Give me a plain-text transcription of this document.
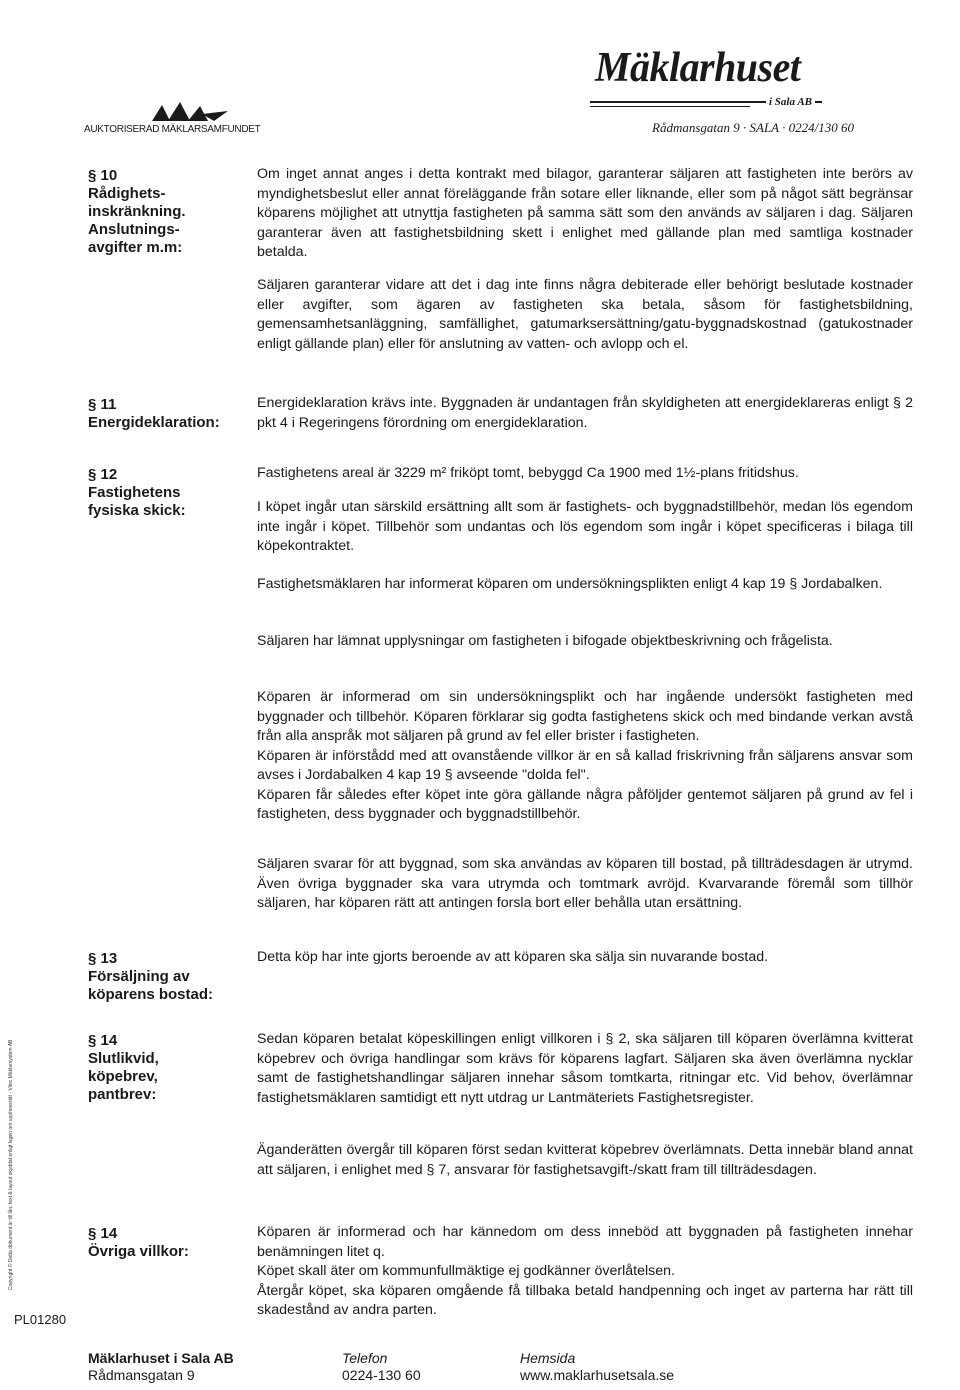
AUKTORISERAD MÄKLARSAMFUNDET
Mäklarhuset
i Sala AB
Rådmansgatan 9 · SALA · 0224/130 60
§ 10
Rådighets-
inskränkning.
Anslutnings-
avgifter m.m:

Om inget annat anges i detta kontrakt med bilagor, garanterar säljaren att fastigheten inte berörs av myndighetsbeslut eller annat föreläggande från sotare eller liknande, eller som på något sätt begränsar köparens möjlighet att utnyttja fastigheten på samma sätt som den används av säljaren i dag. Säljaren garanterar även att fastighetsbildning skett i enlighet med gällande plan med samtliga kostnader betalda.

Säljaren garanterar vidare att det i dag inte finns några debiterade eller behörigt beslutade kostnader eller avgifter, som ägaren av fastigheten ska betala, såsom för fastighetsbildning, gemensamhetsanläggning, samfällighet, gatumarksersättning/gatu-byggnadskostnad (gatukostnader enligt gällande plan) eller för anslutning av vatten- och avlopp och el.

§ 11
Energideklaration:

Energideklaration krävs inte. Byggnaden är undantagen från skyldigheten att energideklareras enligt § 2 pkt 4 i Regeringens förordning om energideklaration.

§ 12
Fastighetens
fysiska skick:

Fastighetens areal är 3229 m² friköpt tomt, bebyggd Ca 1900 med 1½-plans fritidshus.

I köpet ingår utan särskild ersättning allt som är fastighets- och byggnadstillbehör, medan lös egendom inte ingår i köpet. Tillbehör som undantas och lös egendom som ingår i köpet specificeras i bilaga till köpekontraktet.

Fastighetsmäklaren har informerat köparen om undersökningsplikten enligt 4 kap 19 § Jordabalken.

Säljaren har lämnat upplysningar om fastigheten i bifogade objektbeskrivning och frågelista.

Köparen är informerad om sin undersökningsplikt och har ingående undersökt fastigheten med byggnader och tillbehör. Köparen förklarar sig godta fastighetens skick och med bindande verkan avstå från alla anspråk mot säljaren på grund av fel eller brister i fastigheten.

Köparen är införstådd med att ovanstående villkor är en så kallad friskrivning från säljarens ansvar som avses i Jordabalken 4 kap 19 § avseende "dolda fel".

Köparen får således efter köpet inte göra gällande några påföljder gentemot säljaren på grund av fel i fastigheten, dess byggnader och byggnadstillbehör.

Säljaren svarar för att byggnad, som ska användas av köparen till bostad, på tillträdesdagen är utrymd. Även övriga byggnader ska vara utrymda och tomtmark avröjd. Kvarvarande föremål som tillhör säljaren, har köparen rätt att antingen forsla bort eller behålla utan ersättning.

§ 13
Försäljning av
köparens bostad:

Detta köp har inte gjorts beroende av att köparen ska sälja sin nuvarande bostad.

§ 14
Slutlikvid,
köpebrev,
pantbrev:

Sedan köparen betalat köpeskillingen enligt villkoren i § 2, ska säljaren till köparen överlämna kvitterat köpebrev och övriga handlingar som krävs för köparens lagfart. Säljaren ska även överlämna nycklar samt de fastighetshandlingar säljaren innehar såsom tomtkarta, ritningar etc. Vid behov, överlämnar fastighetsmäklaren samtidigt ett nytt utdrag ur Lantmäteriets Fastighetsregister.

Äganderätten övergår till köparen först sedan kvitterat köpebrev överlämnats. Detta innebär bland annat att säljaren, i enlighet med § 7, ansvarar för fastighetsavgift-/skatt fram till tillträdesdagen.

§ 14
Övriga villkor:

Köparen är informerad och har kännedom om dess inneböd att byggnaden på fastigheten innehar benämningen litet q.

Köpet skall äter om kommunfullmäktige ej godkänner överlåtelsen.

Återgår köpet, ska köparen omgående få tillbaka betald handpenning och inget av parterna har rätt till skadestånd av andra parten.

Mäklarhuset i Sala AB
Rådmansgatan 9
Telefon
0224-130 60
Hemsida
www.maklarhusetsala.se
PL01280
Copyright © Detta dokument är till lån, text & layout skyddat enligt lagen om upphovsrätt - Vitec Mäklarsystem AB
